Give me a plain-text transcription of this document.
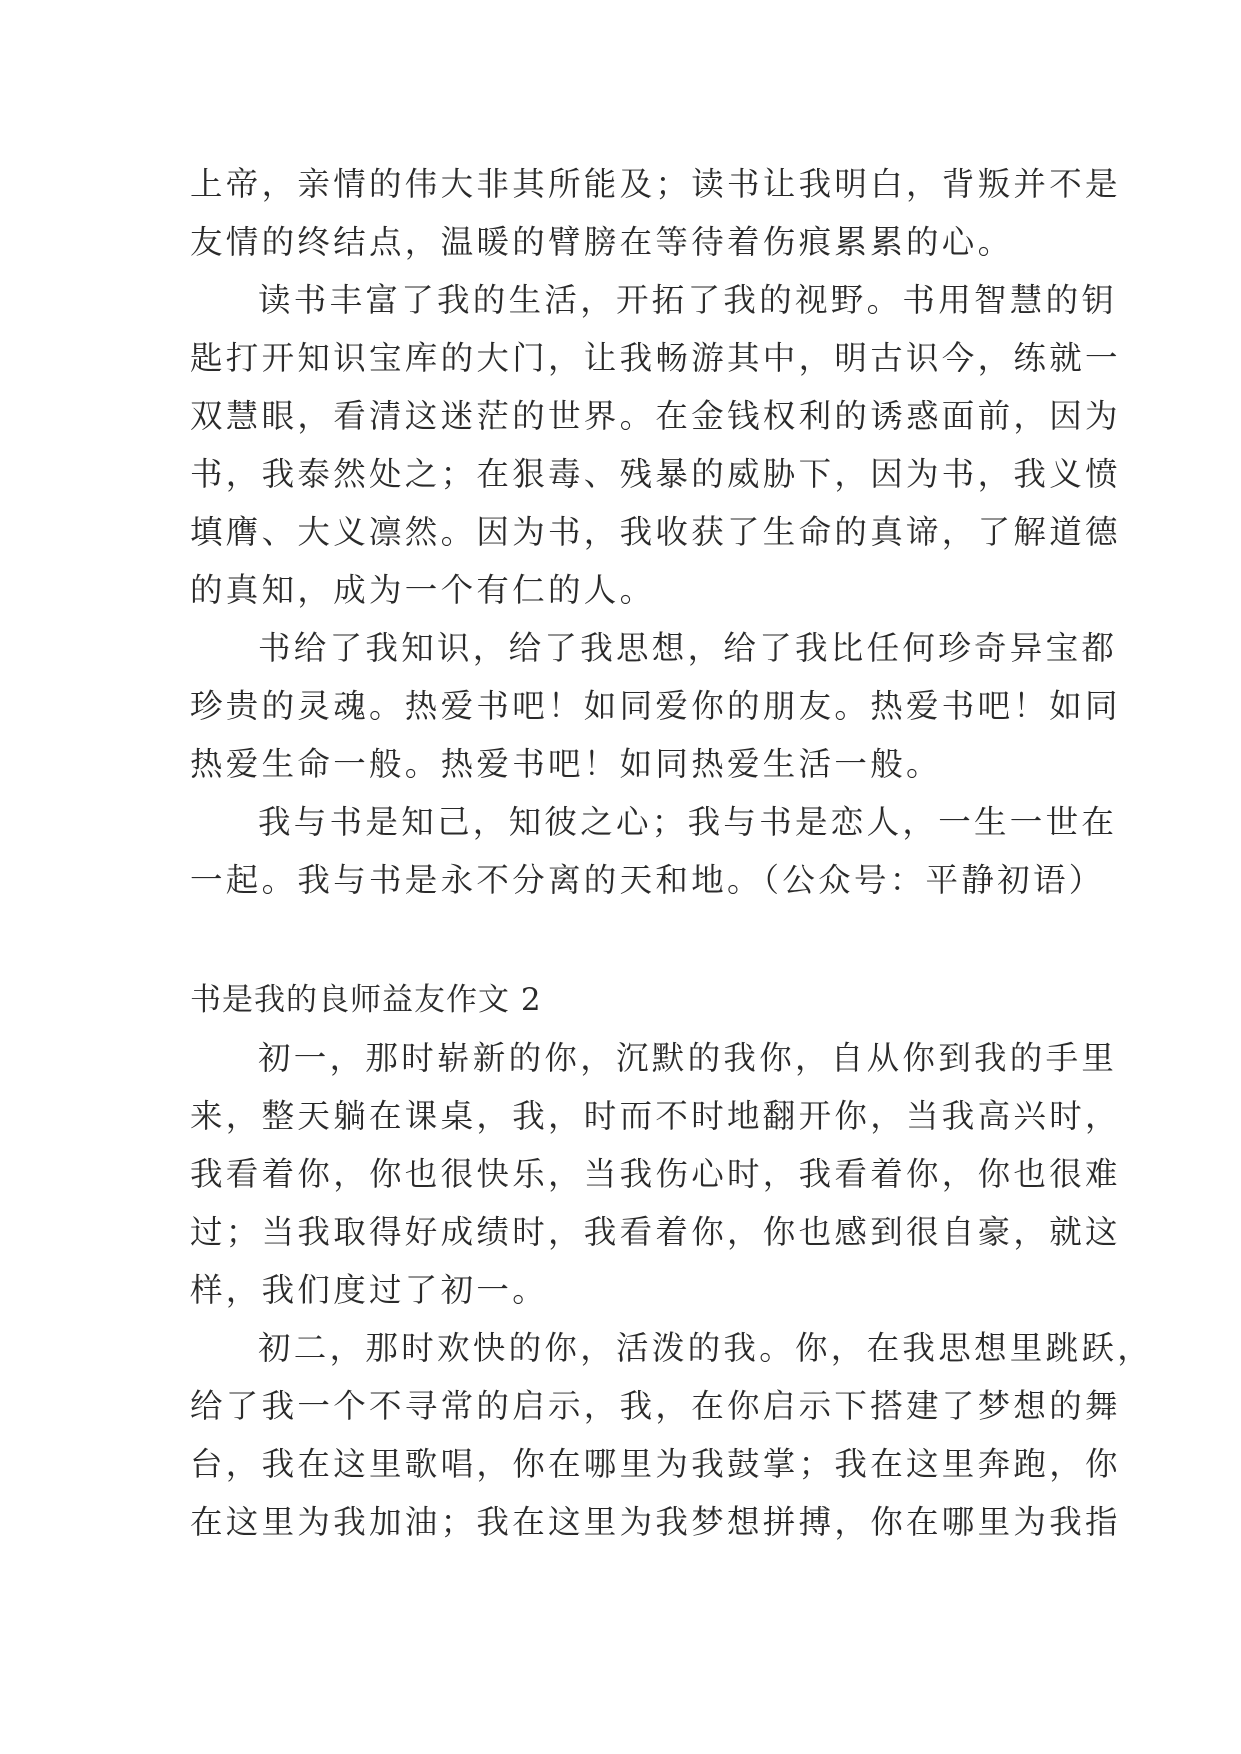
上帝，亲情的伟大非其所能及；读书让我明白，背叛并不是

友情的终结点，温暖的臂膀在等待着伤痕累累的心。

读书丰富了我的生活，开拓了我的视野。书用智慧的钥

匙打开知识宝库的大门，让我畅游其中，明古识今，练就一

双慧眼，看清这迷茫的世界。在金钱权利的诱惑面前，因为

书，我泰然处之；在狠毒、残暴的威胁下，因为书，我义愤

填膺、大义凛然。因为书，我收获了生命的真谛，了解道德

的真知，成为一个有仁的人。

书给了我知识，给了我思想，给了我比任何珍奇异宝都

珍贵的灵魂。热爱书吧！如同爱你的朋友。热爱书吧！如同

热爱生命一般。热爱书吧！如同热爱生活一般。

我与书是知己，知彼之心；我与书是恋人，一生一世在

一起。我与书是永不分离的天和地。（公众号：平静初语）

书是我的良师益友作文 2

初一，那时崭新的你，沉默的我你，自从你到我的手里

来，整天躺在课桌，我，时而不时地翻开你，当我高兴时，

我看着你，你也很快乐，当我伤心时，我看着你，你也很难

过；当我取得好成绩时，我看着你，你也感到很自豪，就这

样，我们度过了初一。

初二，那时欢快的你，活泼的我。你，在我思想里跳跃，

给了我一个不寻常的启示，我，在你启示下搭建了梦想的舞

台，我在这里歌唱，你在哪里为我鼓掌；我在这里奔跑，你

在这里为我加油；我在这里为我梦想拼搏，你在哪里为我指
